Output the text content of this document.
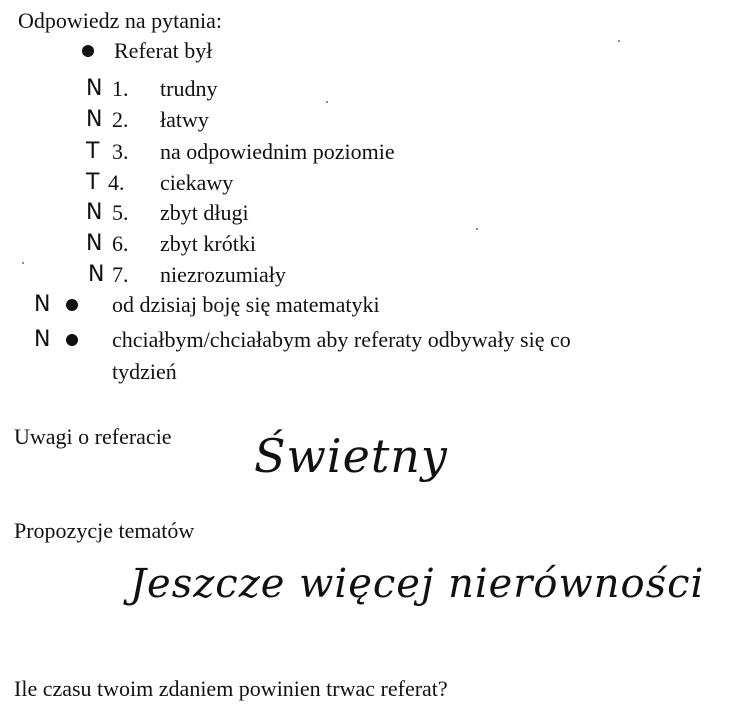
Odpowiedz na pytania:
Referat był
N 1. trudny
N 2. łatwy
T 3. na odpowiednim poziomie
T 4. ciekawy
N 5. zbyt długi
N 6. zbyt krótki
N 7. niezrozumiały
N	od dzisiaj boję się matematyki
N	chciałbym/chciałabym aby referaty odbywały się co
tydzień
Uwagi o referacie Świetny
Propozycje tematów
Jeszcze więcej nierówności
Ile czasu twoim zdaniem powinien trwac referat?
